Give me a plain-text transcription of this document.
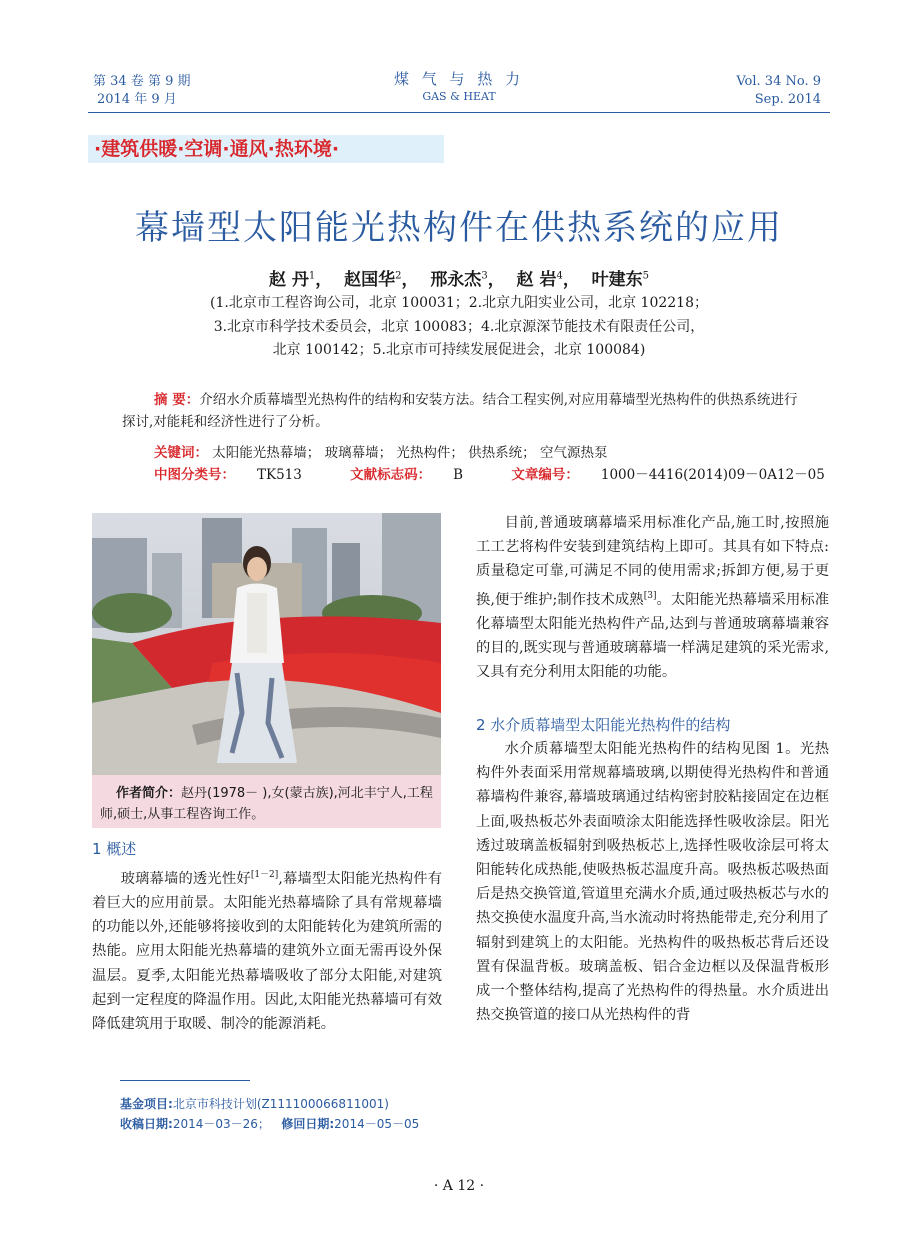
第 34 卷 第 9 期
2014 年 9 月
煤 气 与 热 力
GAS & HEAT
Vol. 34 No. 9
Sep. 2014
·建筑供暖·空调·通风·热环境·
幕墙型太阳能光热构件在供热系统的应用
赵 丹$^1$，  赵国华$^2$，  邢永杰$^3$，  赵 岩$^4$，  叶建东$^5$
(1.北京市工程咨询公司，北京 100031；2.北京九阳实业公司，北京 102218；
3.北京市科学技术委员会，北京 100083；4.北京源深节能技术有限责任公司，
北京 100142；5.北京市可持续发展促进会，北京 100084)
摘 要：介绍水介质幕墙型光热构件的结构和安装方法。结合工程实例,对应用幕墙型光热构件的供热系统进行探讨,对能耗和经济性进行了分析。
关键词： 太阳能光热幕墙； 玻璃幕墙； 光热构件； 供热系统； 空气源热泵
中图分类号： TK513	文献标志码： B	文章编号： 1000－4416(2014)09－0A12－05
作者简介：赵丹(1978－ ),女(蒙古族),河北丰宁人,工程师,硕士,从事工程咨询工作。
1 概述

玻璃幕墙的透光性好[1－2],幕墙型太阳能光热构件有着巨大的应用前景。太阳能光热幕墙除了具有常规幕墙的功能以外,还能够将接收到的太阳能转化为建筑所需的热能。应用太阳能光热幕墙的建筑外立面无需再设外保温层。夏季,太阳能光热幕墙吸收了部分太阳能,对建筑起到一定程度的降温作用。因此,太阳能光热幕墙可有效降低建筑用于取暖、制冷的能源消耗。

目前,普通玻璃幕墙采用标准化产品,施工时,按照施工工艺将构件安装到建筑结构上即可。其具有如下特点:质量稳定可靠,可满足不同的使用需求;拆卸方便,易于更换,便于维护;制作技术成熟[3]。太阳能光热幕墙采用标准化幕墙型太阳能光热构件产品,达到与普通玻璃幕墙兼容的目的,既实现与普通玻璃幕墙一样满足建筑的采光需求,又具有充分利用太阳能的功能。

2 水介质幕墙型太阳能光热构件的结构

水介质幕墙型太阳能光热构件的结构见图 1。光热构件外表面采用常规幕墙玻璃,以期使得光热构件和普通幕墙构件兼容,幕墙玻璃通过结构密封胶粘接固定在边框上面,吸热板芯外表面喷涂太阳能选择性吸收涂层。阳光透过玻璃盖板辐射到吸热板芯上,选择性吸收涂层可将太阳能转化成热能,使吸热板芯温度升高。吸热板芯吸热面后是热交换管道,管道里充满水介质,通过吸热板芯与水的热交换使水温度升高,当水流动时将热能带走,充分利用了辐射到建筑上的太阳能。光热构件的吸热板芯背后还设置有保温背板。玻璃盖板、铝合金边框以及保温背板形成一个整体结构,提高了光热构件的得热量。水介质进出热交换管道的接口从光热构件的背

基金项目:北京市科技计划(Z111100066811001)
收稿日期:2014－03－26； 修回日期:2014－05－05
· A 12 ·
